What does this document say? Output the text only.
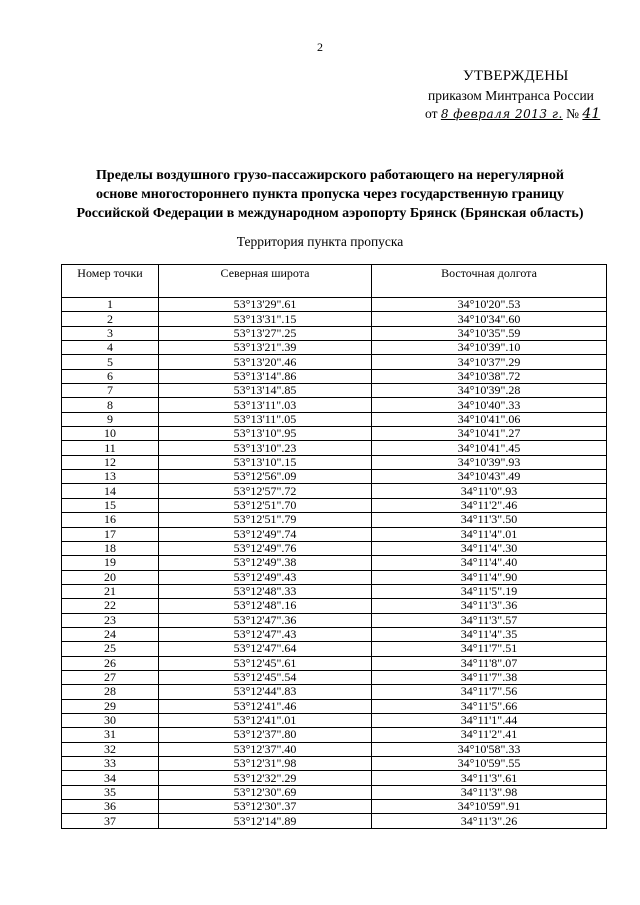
2
УТВЕРЖДЕНЫ
приказом Минтранса России
от 8 февраля 2013 г. № 41
Пределы воздушного грузо-пассажирского работающего на нерегулярной
основе многостороннего пункта пропуска через государственную границу
Российской Федерации в международном аэропорту Брянск (Брянская область)
Территория пункта пропуска
Номер точки	Северная широта	Восточная долгота
1	53°13'29".61	34°10'20".53
2	53°13'31".15	34°10'34".60
3	53°13'27".25	34°10'35".59
4	53°13'21".39	34°10'39".10
5	53°13'20".46	34°10'37".29
6	53°13'14".86	34°10'38".72
7	53°13'14".85	34°10'39".28
8	53°13'11".03	34°10'40".33
9	53°13'11".05	34°10'41".06
10	53°13'10".95	34°10'41".27
11	53°13'10".23	34°10'41".45
12	53°13'10".15	34°10'39".93
13	53°12'56".09	34°10'43".49
14	53°12'57".72	34°11'0".93
15	53°12'51".70	34°11'2".46
16	53°12'51".79	34°11'3".50
17	53°12'49".74	34°11'4".01
18	53°12'49".76	34°11'4".30
19	53°12'49".38	34°11'4".40
20	53°12'49".43	34°11'4".90
21	53°12'48".33	34°11'5".19
22	53°12'48".16	34°11'3".36
23	53°12'47".36	34°11'3".57
24	53°12'47".43	34°11'4".35
25	53°12'47".64	34°11'7".51
26	53°12'45".61	34°11'8".07
27	53°12'45".54	34°11'7".38
28	53°12'44".83	34°11'7".56
29	53°12'41".46	34°11'5".66
30	53°12'41".01	34°11'1".44
31	53°12'37".80	34°11'2".41
32	53°12'37".40	34°10'58".33
33	53°12'31".98	34°10'59".55
34	53°12'32".29	34°11'3".61
35	53°12'30".69	34°11'3".98
36	53°12'30".37	34°10'59".91
37	53°12'14".89	34°11'3".26
